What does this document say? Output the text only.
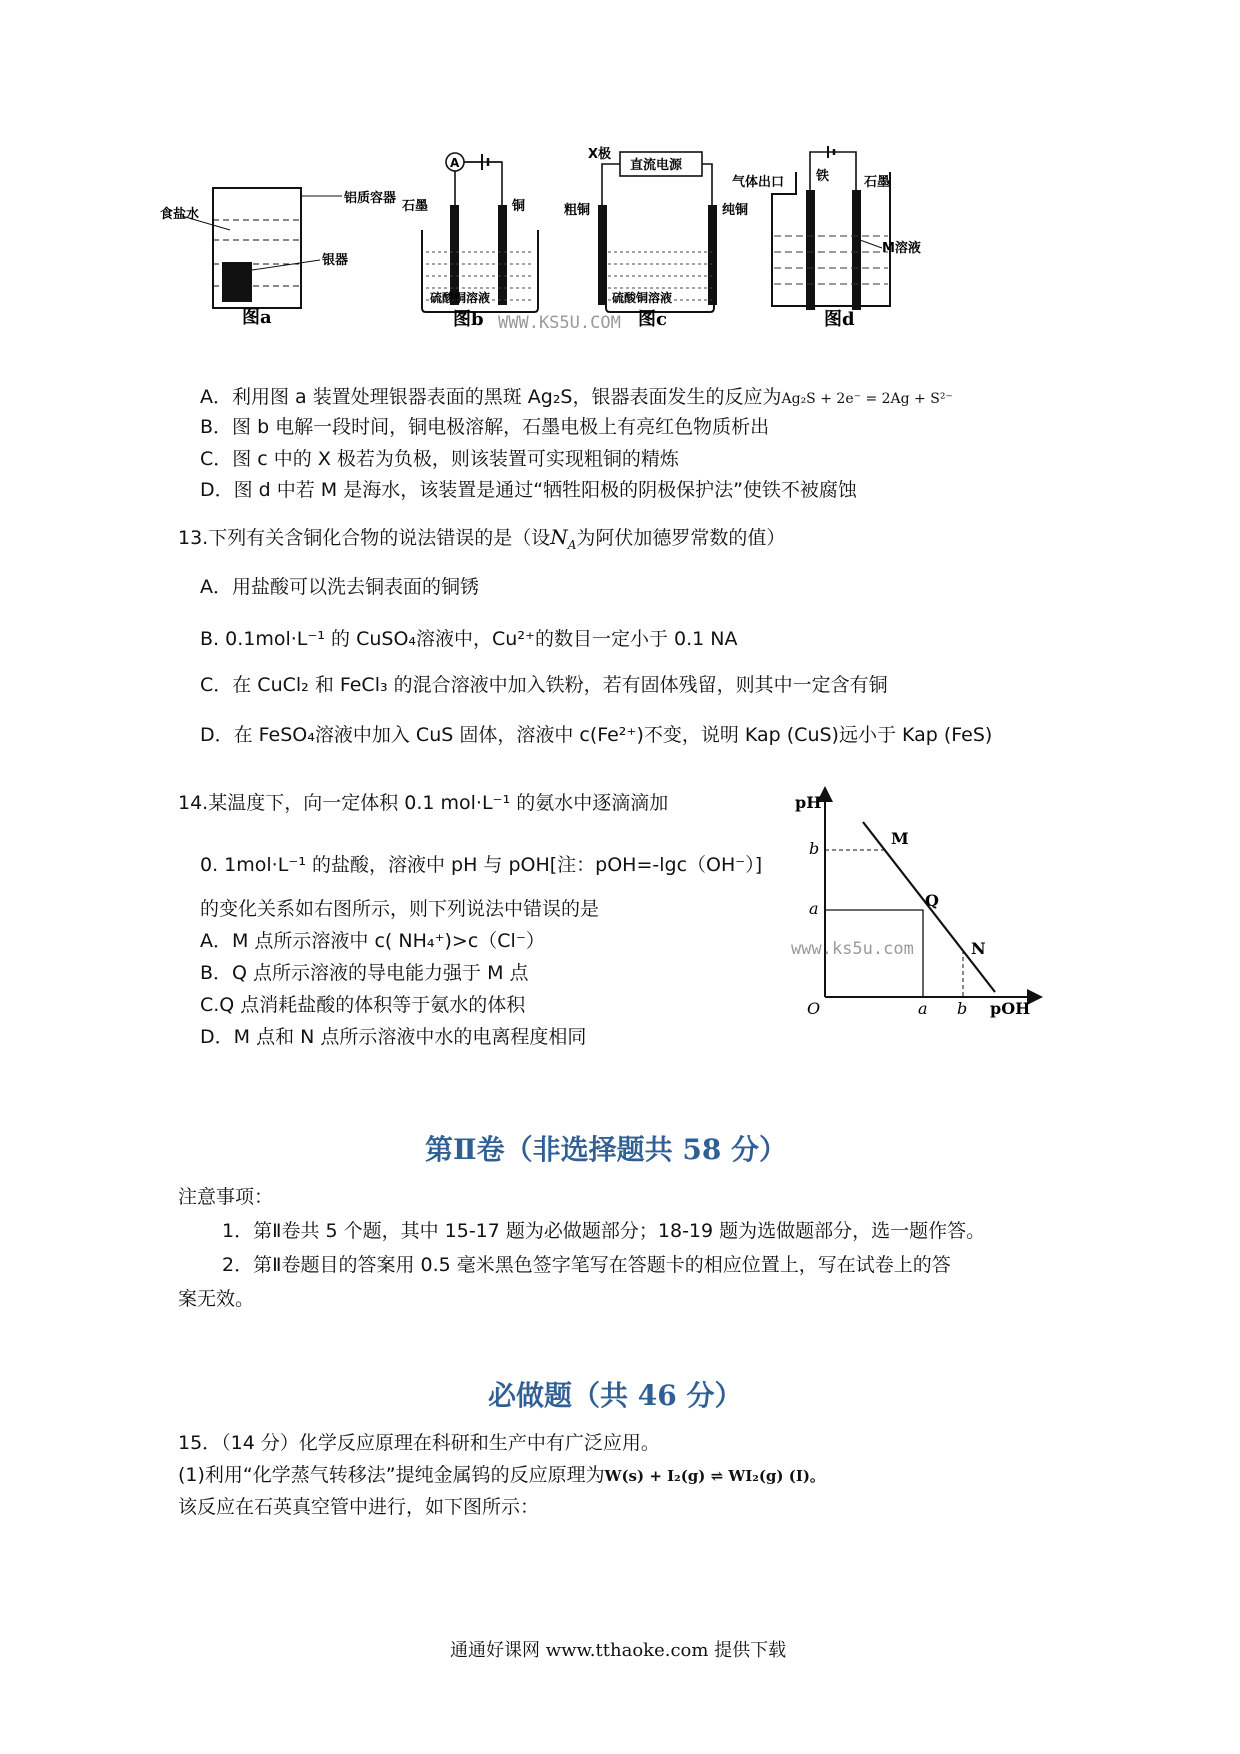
食盐水
铝质容器
银器
图a
A
石墨	铜
硫酸铜溶液
图b
直流电源
X极
粗铜	纯铜
硫酸铜溶液
图c
气体出口 铁	石墨
M溶液
图d
WWW.KS5U.COM
A．利用图 a 装置处理银器表面的黑斑 Ag₂S，银器表面发生的反应为Ag₂S + 2e⁻ = 2Ag + S²⁻
B．图 b 电解一段时间，铜电极溶解，石墨电极上有亮红色物质析出
C．图 c 中的 X 极若为负极，则该装置可实现粗铜的精炼
D．图 d 中若 M 是海水，该装置是通过“牺牲阳极的阴极保护法”使铁不被腐蚀
13.下列有关含铜化合物的说法错误的是（设$N_A$为阿伏加德罗常数的值）
A．用盐酸可以洗去铜表面的铜锈
B. 0.1mol·L⁻¹ 的 CuSO₄溶液中，Cu²⁺的数目一定小于 0.1 NA
C．在 CuCl₂ 和 FeCl₃ 的混合溶液中加入铁粉，若有固体残留，则其中一定含有铜
D．在 FeSO₄溶液中加入 CuS 固体，溶液中 c(Fe²⁺)不变，说明 Kap (CuS)远小于 Kap (FeS)
14.某温度下，向一定体积 0.1 mol·L⁻¹ 的氨水中逐滴滴加
0. 1mol·L⁻¹ 的盐酸，溶液中 pH 与 pOH[注：pOH=-lgc（OH⁻）]
的变化关系如右图所示，则下列说法中错误的是
A．M 点所示溶液中 c( NH₄⁺)>c（Cl⁻）
B．Q 点所示溶液的导电能力强于 M 点
C.Q 点消耗盐酸的体积等于氨水的体积
D．M 点和 N 点所示溶液中水的电离程度相同
pH
pOH
O
b
a
a b
M
Q
N
www.ks5u.com
第Ⅱ卷（非选择题共 58 分）
注意事项：
1．第Ⅱ卷共 5 个题，其中 15-17 题为必做题部分；18-19 题为选做题部分，选一题作答。
2．第Ⅱ卷题目的答案用 0.5 毫米黑色签字笔写在答题卡的相应位置上，写在试卷上的答
案无效。
必做题（共 46 分）
15．（14 分）化学反应原理在科研和生产中有广泛应用。
(1)利用“化学蒸气转移法”提纯金属钨的反应原理为W(s) + I₂(g) ⇌ WI₂(g) (Ⅰ)。
该反应在石英真空管中进行，如下图所示：
通通好课网 www.tthaoke.com 提供下载
